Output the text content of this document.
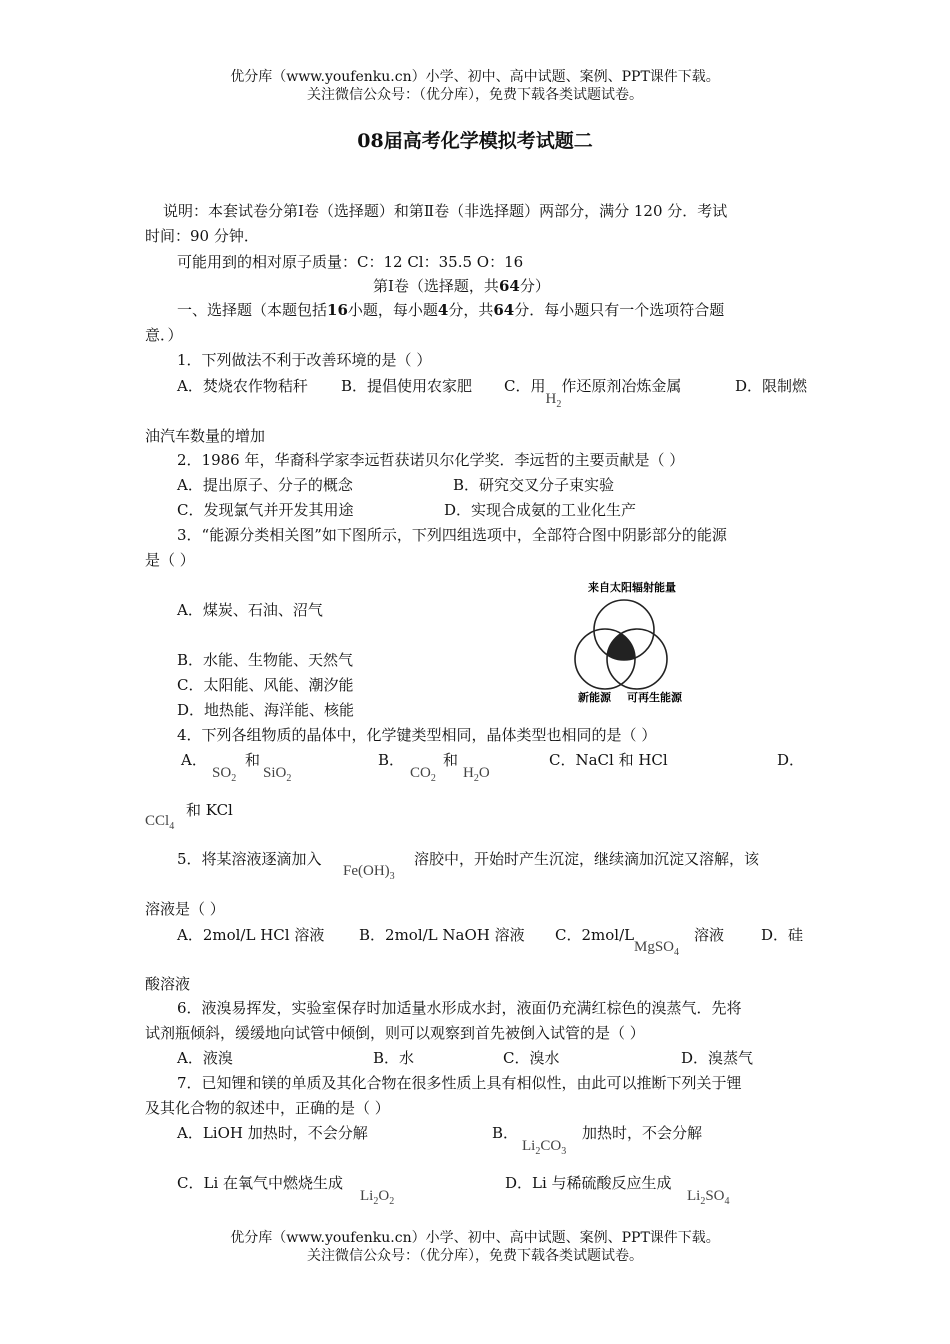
优分库（www.youfenku.cn）小学、初中、高中试题、案例、PPT课件下载。
关注微信公众号：（优分库），免费下载各类试题试卷。
08届高考化学模拟考试题二
说明：本套试卷分第Ⅰ卷（选择题）和第Ⅱ卷（非选择题）两部分，满分 120 分．考试
时间：90 分钟．
可能用到的相对原子质量：C：12 Cl：35.5 O：16
第Ⅰ卷（选择题，共64分）
一、选择题（本题包括16小题，每小题4分，共64分．每小题只有一个选项符合题
意．）
1．下列做法不利于改善环境的是（ ）
A．焚烧农作物秸秆 B．提倡使用农家肥 C．用$H_2$作还原剂冶炼金属	D．限制燃
油汽车数量的增加
2．1986 年，华裔科学家李远哲获诺贝尔化学奖．李远哲的主要贡献是（ ）
A．提出原子、分子的概念	B．研究交叉分子束实验
C．发现氯气并开发其用途	D．实现合成氨的工业化生产
3．“能源分类相关图”如下图所示，下列四组选项中，全部符合图中阴影部分的能源
是（ ）
A．煤炭、石油、沼气
B．水能、生物能、天然气
C．太阳能、风能、潮汐能
D．地热能、海洋能、核能
来自太阳辐射能量
新能源 可再生能源
4．下列各组物质的晶体中，化学键类型相同，晶体类型也相同的是（ ）
A．
$SO_2$
和
SiO$_2$
B．
$CO_2$
和
$H_2O$
C．NaCl 和 HCl	D．
CCl$_4$
和 KCl
5．将某溶液逐滴加入
$Fe(OH)_3$
溶胶中，开始时产生沉淀，继续滴加沉淀又溶解，该
溶液是（ ）
A．2mol/L HCl 溶液 B．2mol/L NaOH 溶液 C．2mol/L
MgSO$_4$
溶液 D．硅
酸溶液
6．液溴易挥发，实验室保存时加适量水形成水封，液面仍充满红棕色的溴蒸气．先将
试剂瓶倾斜，缓缓地向试管中倾倒，则可以观察到首先被倒入试管的是（ ）
A．液溴	B．水	C．溴水	D．溴蒸气
7．已知锂和镁的单质及其化合物在很多性质上具有相似性，由此可以推断下列关于锂
及其化合物的叙述中，正确的是（ ）
A．LiOH 加热时，不会分解	B．
$Li_2CO_3$
加热时，不会分解
C．Li 在氧气中燃烧生成
$Li_2O_2$
D．Li 与稀硫酸反应生成
$Li_2SO_4$
优分库（www.youfenku.cn）小学、初中、高中试题、案例、PPT课件下载。
关注微信公众号：（优分库），免费下载各类试题试卷。
